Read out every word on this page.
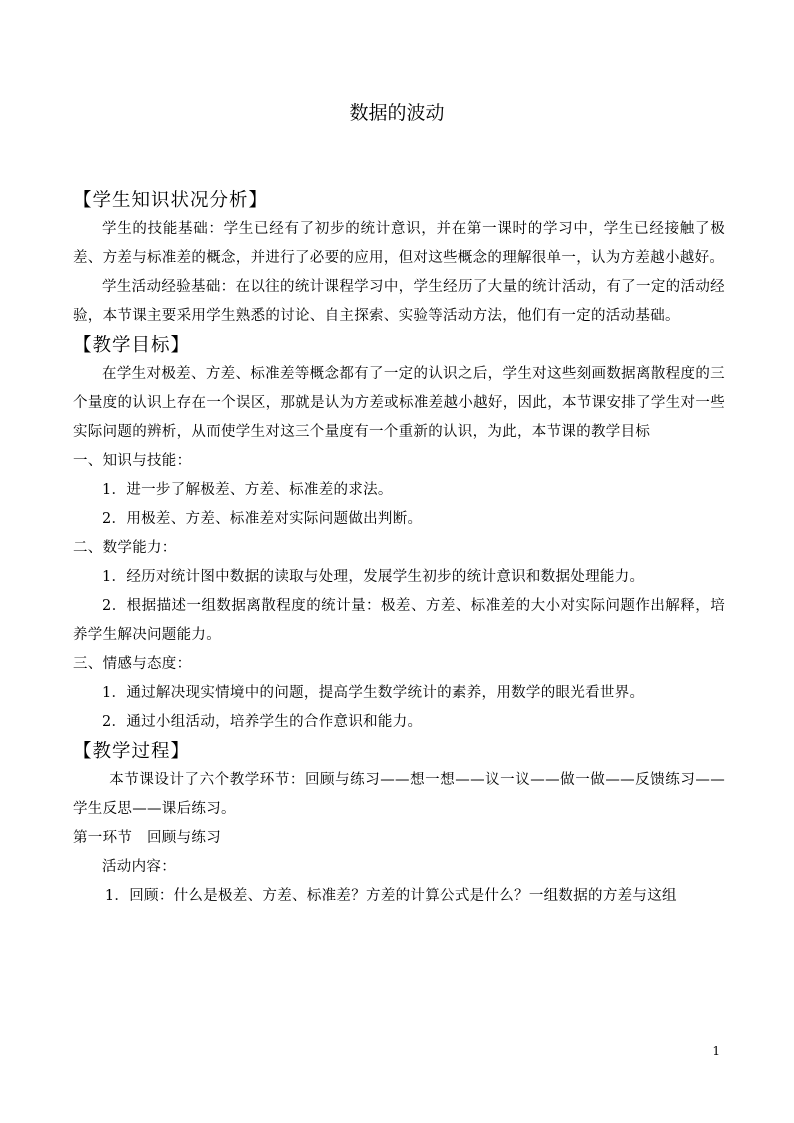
数据的波动

【学生知识状况分析】

学生的技能基础：学生已经有了初步的统计意识，并在第一课时的学习中，学生已经接触了极差、方差与标准差的概念，并进行了必要的应用，但对这些概念的理解很单一，认为方差越小越好。

学生活动经验基础：在以往的统计课程学习中，学生经历了大量的统计活动，有了一定的活动经验，本节课主要采用学生熟悉的讨论、自主探索、实验等活动方法，他们有一定的活动基础。

【教学目标】

在学生对极差、方差、标准差等概念都有了一定的认识之后，学生对这些刻画数据离散程度的三个量度的认识上存在一个误区，那就是认为方差或标准差越小越好，因此，本节课安排了学生对一些实际问题的辨析，从而使学生对这三个量度有一个重新的认识，为此，本节课的教学目标

一、知识与技能：

1．进一步了解极差、方差、标准差的求法。

2．用极差、方差、标准差对实际问题做出判断。

二、数学能力：

1．经历对统计图中数据的读取与处理，发展学生初步的统计意识和数据处理能力。

2．根据描述一组数据离散程度的统计量：极差、方差、标准差的大小对实际问题作出解释，培养学生解决问题能力。

三、情感与态度：

1．通过解决现实情境中的问题，提高学生数学统计的素养，用数学的眼光看世界。

2．通过小组活动，培养学生的合作意识和能力。

【教学过程】

本节课设计了六个教学环节：回顾与练习——想一想——议一议——做一做——反馈练习——学生反思——课后练习。

第一环节　回顾与练习

活动内容：

1．回顾：什么是极差、方差、标准差？方差的计算公式是什么？一组数据的方差与这组

1
